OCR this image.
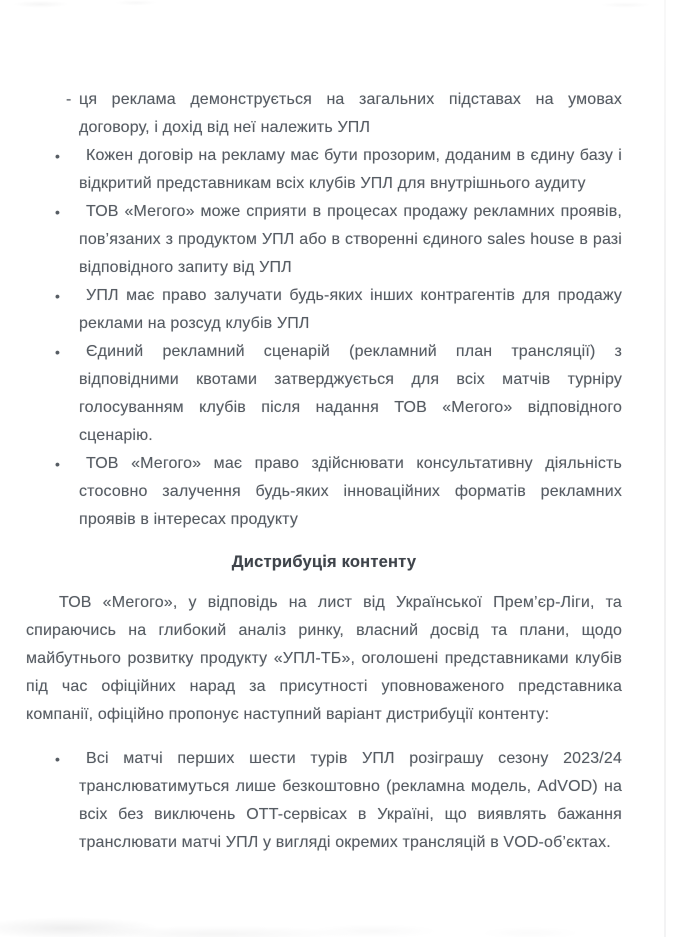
- ця реклама демонструється на загальних підставах на умовах договору, і дохід від неї належить УПЛ
• Кожен договір на рекламу має бути прозорим, доданим в єдину базу і відкритий представникам всіх клубів УПЛ для внутрішнього аудиту
• ТОВ «Мегого» може сприяти в процесах продажу рекламних проявів, пов’язаних з продуктом УПЛ або в створенні єдиного sales house в разі відповідного запиту від УПЛ
• УПЛ має право залучати будь-яких інших контрагентів для продажу реклами на розсуд клубів УПЛ
• Єдиний рекламний сценарій (рекламний план трансляції) з відповідними квотами затверджується для всіх матчів турніру голосуванням клубів після надання ТОВ «Мегого» відповідного сценарію.
• ТОВ «Мегого» має право здійснювати консультативну діяльність стосовно залучення будь-яких інноваційних форматів рекламних проявів в інтересах продукту
Дистрибуція контенту

ТОВ «Мегого», у відповідь на лист від Української Прем’єр-Ліги, та спираючись на глибокий аналіз ринку, власний досвід та плани, щодо майбутнього розвитку продукту «УПЛ-ТБ», оголошені представниками клубів під час офіційних нарад за присутності уповноваженого представника компанії, офіційно пропонує наступний варіант дистрибуції контенту:

• Всі матчі перших шести турів УПЛ розіграшу сезону 2023/24 транслюватимуться лише безкоштовно (рекламна модель, AdVOD) на всіх без виключень OTT-сервісах в Україні, що виявлять бажання транслювати матчі УПЛ у вигляді окремих трансляцій в VOD-об’єктах.
